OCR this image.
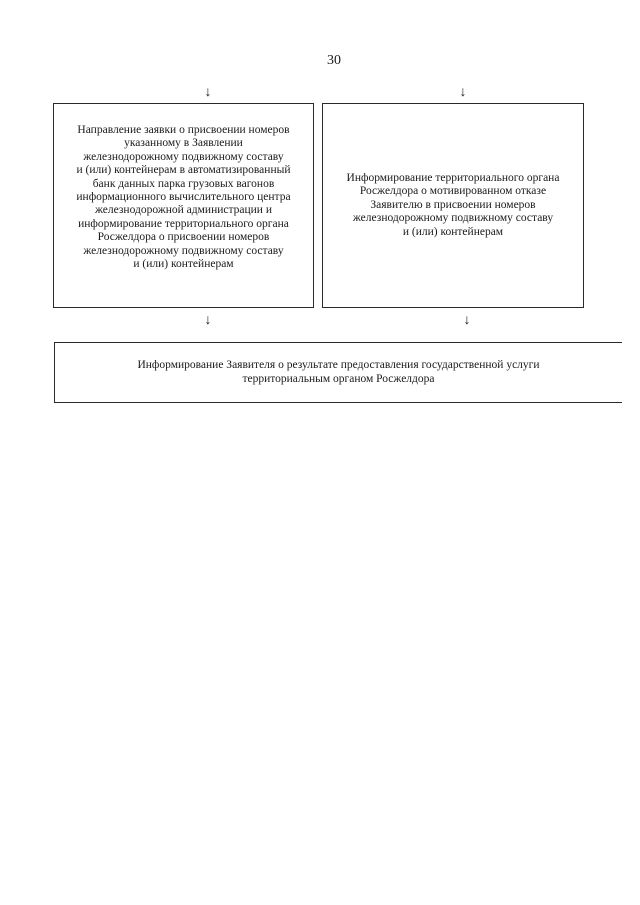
30
↓	↓
Направление заявки о присвоении номеров
указанному в Заявлении
железнодорожному подвижному составу
и (или) контейнерам в автоматизированный
банк данных парка грузовых вагонов
информационного вычислительного центра
железнодорожной администрации и
информирование территориального органа
Росжелдора о присвоении номеров
железнодорожному подвижному составу
и (или) контейнерам
Информирование территориального органа
Росжелдора о мотивированном отказе
Заявителю в присвоении номеров
железнодорожному подвижному составу
и (или) контейнерам
↓	↓
Информирование Заявителя о результате предоставления государственной услуги
территориальным органом Росжелдора
